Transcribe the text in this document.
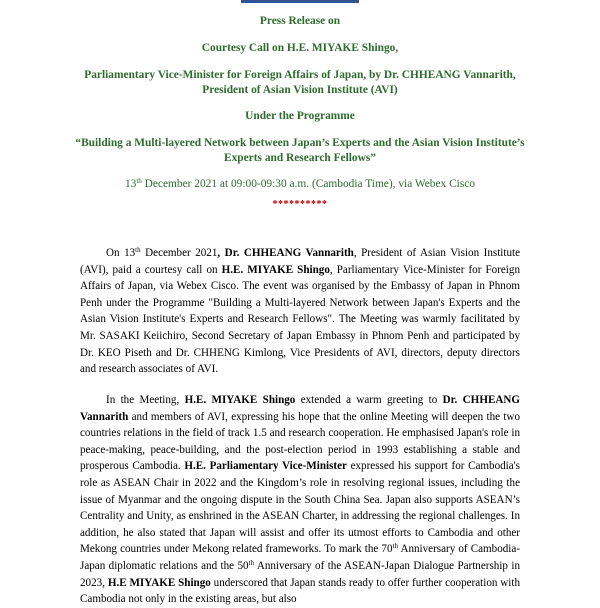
Press Release on
Courtesy Call on H.E. MIYAKE Shingo,
Parliamentary Vice-Minister for Foreign Affairs of Japan, by Dr. CHHEANG Vannarith, President of Asian Vision Institute (AVI)
Under the Programme
“Building a Multi-layered Network between Japan’s Experts and the Asian Vision Institute’s Experts and Research Fellows”
13th December 2021 at 09:00-09:30 a.m. (Cambodia Time), via Webex Cisco
**********

On 13th December 2021, Dr. CHHEANG Vannarith, President of Asian Vision Institute (AVI), paid a courtesy call on H.E. MIYAKE Shingo, Parliamentary Vice-Minister for Foreign Affairs of Japan, via Webex Cisco. The event was organised by the Embassy of Japan in Phnom Penh under the Programme "Building a Multi-layered Network between Japan's Experts and the Asian Vision Institute's Experts and Research Fellows". The Meeting was warmly facilitated by Mr. SASAKI Keiichiro, Second Secretary of Japan Embassy in Phnom Penh and participated by Dr. KEO Piseth and Dr. CHHENG Kimlong, Vice Presidents of AVI, directors, deputy directors and research associates of AVI.

In the Meeting, H.E. MIYAKE Shingo extended a warm greeting to Dr. CHHEANG Vannarith and members of AVI, expressing his hope that the online Meeting will deepen the two countries relations in the field of track 1.5 and research cooperation. He emphasised Japan's role in peace-making, peace-building, and the post-election period in 1993 establishing a stable and prosperous Cambodia. H.E. Parliamentary Vice-Minister expressed his support for Cambodia's role as ASEAN Chair in 2022 and the Kingdom’s role in resolving regional issues, including the issue of Myanmar and the ongoing dispute in the South China Sea. Japan also supports ASEAN’s Centrality and Unity, as enshrined in the ASEAN Charter, in addressing the regional challenges. In addition, he also stated that Japan will assist and offer its utmost efforts to Cambodia and other Mekong countries under Mekong related frameworks. To mark the 70th Anniversary of Cambodia-Japan diplomatic relations and the 50th Anniversary of the ASEAN-Japan Dialogue Partnership in 2023, H.E MIYAKE Shingo underscored that Japan stands ready to offer further cooperation with Cambodia not only in the existing areas, but also
